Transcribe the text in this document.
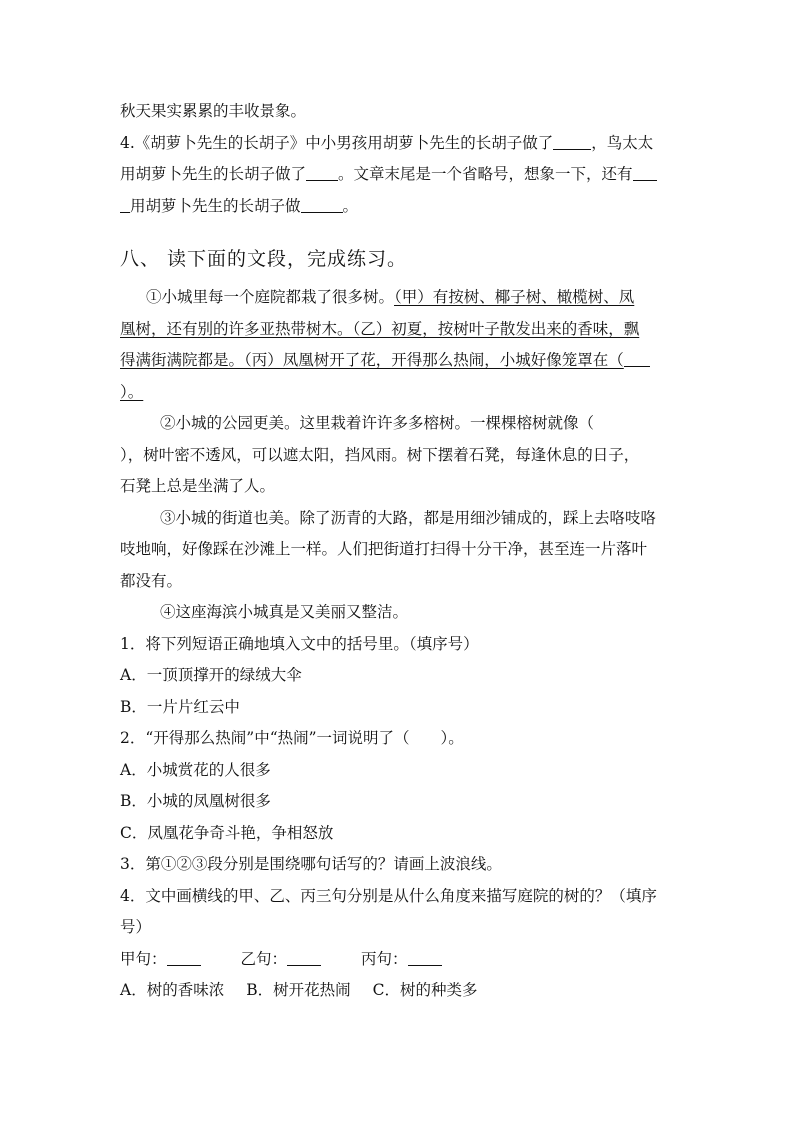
秋天果实累累的丰收景象。
4.《胡萝卜先生的长胡子》中小男孩用胡萝卜先生的长胡子做了 ，鸟太太
用胡萝卜先生的长胡子做了 。文章末尾是一个省略号，想象一下，还有
用胡萝卜先生的长胡子做	。
八、 读下面的文段，完成练习。
①小城里每一个庭院都栽了很多树。（甲）有按树、椰子树、橄榄树、凤
凰树，还有别的许多亚热带树木。（乙）初夏，按树叶子散发出来的香味，飘
得满街满院都是。（丙）凤凰树开了花，开得那么热闹，小城好像笼罩在（
）。
②小城的公园更美。这里栽着许许多多榕树。一棵棵榕树就像（
），树叶密不透风，可以遮太阳，挡风雨。树下摆着石凳，每逢休息的日子，
石凳上总是坐满了人。
③小城的街道也美。除了沥青的大路，都是用细沙铺成的，踩上去咯吱咯
吱地响，好像踩在沙滩上一样。人们把街道打扫得十分干净，甚至连一片落叶
都没有。
④这座海滨小城真是又美丽又整洁。
1．将下列短语正确地填入文中的括号里。（填序号）
A．一顶顶撑开的绿绒大伞
B．一片片红云中
2．“开得那么热闹”中“热闹”一词说明了（　　）。
A．小城赏花的人很多
B．小城的凤凰树很多
C．凤凰花争奇斗艳，争相怒放
3．第①②③段分别是围绕哪句话写的？请画上波浪线。
4．文中画横线的甲、乙、丙三句分别是从什么角度来描写庭院的树的？（填序
号）
甲句：	乙句：	丙句：
A．树的香味浓 B．树开花热闹 C．树的种类多
